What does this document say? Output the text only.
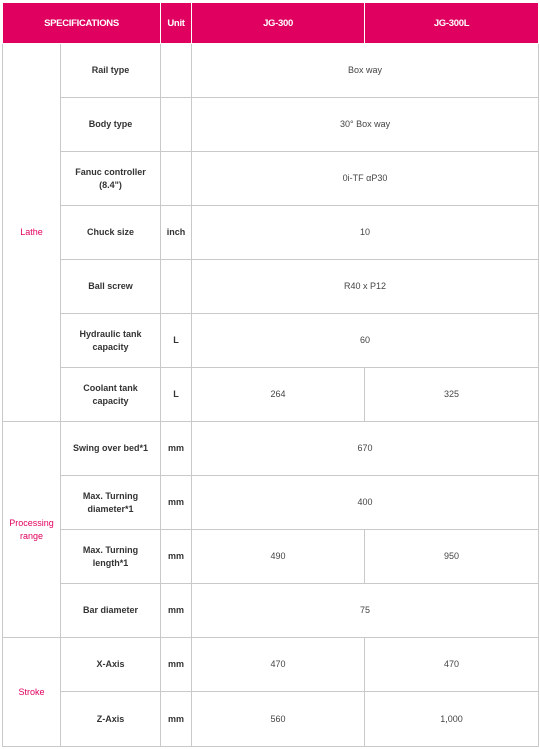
SPECIFICATIONS		Unit	JG-300	JG-300L
Lathe	Rail type		Box way	
	Body type		30° Box way	
	Fanuc controller (8.4")		0i-TF αP30	
	Chuck size	inch	10	
	Ball screw		R40 x P12	
	Hydraulic tank capacity	L	60	
	Coolant tank capacity	L	264	325
Processing range	Swing over bed*1	mm	670	
	Max. Turning diameter*1	mm	400	
	Max. Turning length*1	mm	490	950
	Bar diameter	mm	75	
Stroke	X-Axis	mm	470	470
	Z-Axis	mm	560	1,000
